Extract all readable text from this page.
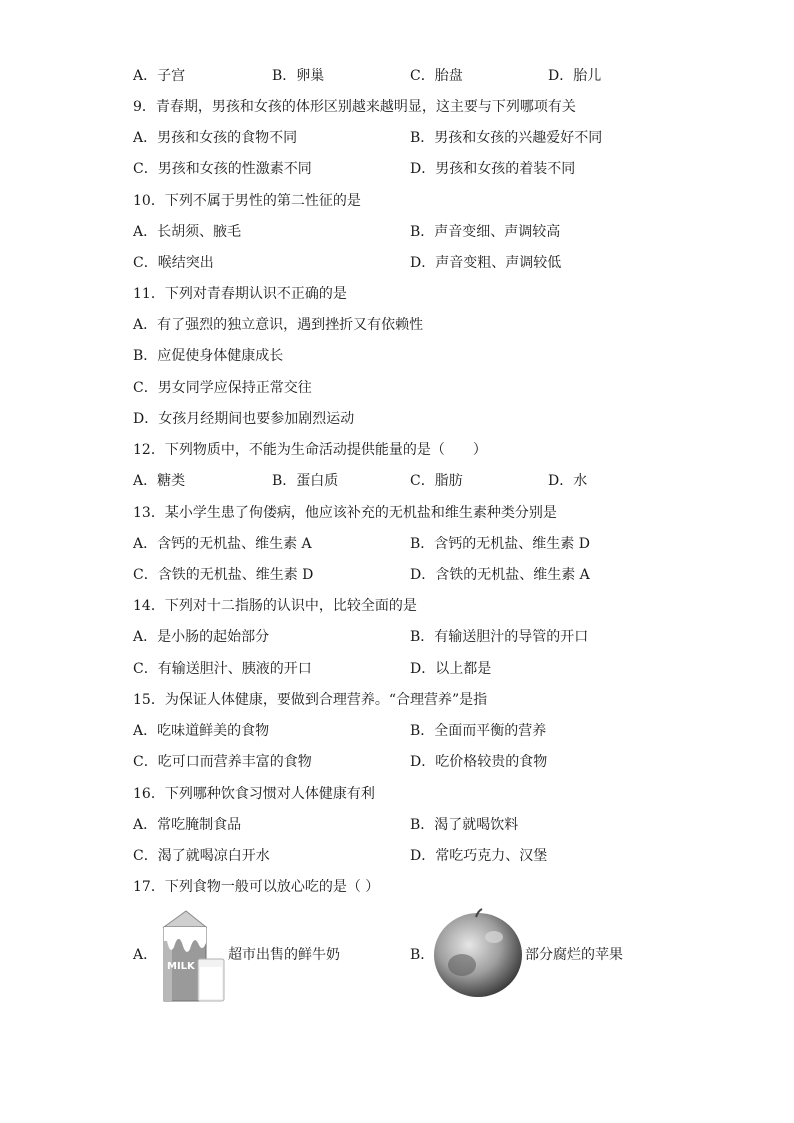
A．子宫	B．卵巢	C．胎盘	D．胎儿
9．青春期，男孩和女孩的体形区别越来越明显，这主要与下列哪项有关
A．男孩和女孩的食物不同	B．男孩和女孩的兴趣爱好不同
C．男孩和女孩的性激素不同	D．男孩和女孩的着装不同
10．下列不属于男性的第二性征的是
A．长胡须、腋毛	B．声音变细、声调较高
C．喉结突出	D．声音变粗、声调较低
11．下列对青春期认识不正确的是
A．有了强烈的独立意识，遇到挫折又有依赖性
B．应促使身体健康成长
C．男女同学应保持正常交往
D．女孩月经期间也要参加剧烈运动
12．下列物质中，不能为生命活动提供能量的是（　　）
A．糖类	B．蛋白质	C．脂肪	D．水
13．某小学生患了佝偻病，他应该补充的无机盐和维生素种类分别是
A．含钙的无机盐、维生素 A	B．含钙的无机盐、维生素 D
C．含铁的无机盐、维生素 D	D．含铁的无机盐、维生素 A
14．下列对十二指肠的认识中，比较全面的是
A．是小肠的起始部分	B．有输送胆汁的导管的开口
C．有输送胆汁、胰液的开口	D．以上都是
15．为保证人体健康，要做到合理营养。“合理营养”是指
A．吃味道鲜美的食物	B．全面而平衡的营养
C．吃可口而营养丰富的食物	D．吃价格较贵的食物
16．下列哪种饮食习惯对人体健康有利
A．常吃腌制食品	B．渴了就喝饮料
C．渴了就喝凉白开水	D．常吃巧克力、汉堡
17．下列食物一般可以放心吃的是（ ）
A．
MILK
超市出售的鲜牛奶	B．	部分腐烂的苹果
